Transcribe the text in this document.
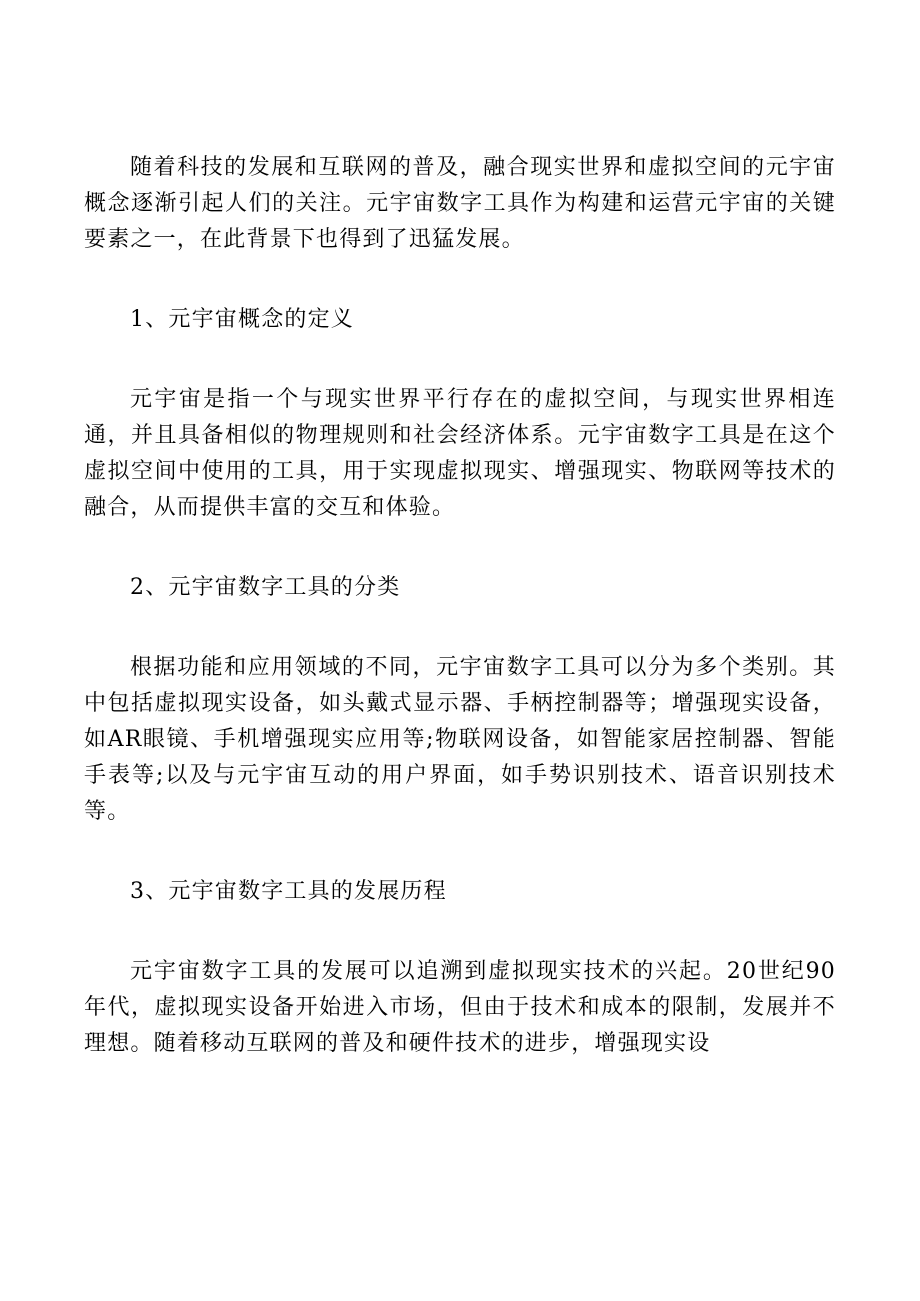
随着科技的发展和互联网的普及，融合现实世界和虚拟空间的元宇宙概念逐渐引起人们的关注。元宇宙数字工具作为构建和运营元宇宙的关键要素之一，在此背景下也得到了迅猛发展。

1、元宇宙概念的定义

元宇宙是指一个与现实世界平行存在的虚拟空间，与现实世界相连通，并且具备相似的物理规则和社会经济体系。元宇宙数字工具是在这个虚拟空间中使用的工具，用于实现虚拟现实、增强现实、物联网等技术的融合，从而提供丰富的交互和体验。

2、元宇宙数字工具的分类

根据功能和应用领域的不同，元宇宙数字工具可以分为多个类别。其中包括虚拟现实设备，如头戴式显示器、手柄控制器等；增强现实设备，如AR眼镜、手机增强现实应用等;物联网设备，如智能家居控制器、智能手表等;以及与元宇宙互动的用户界面，如手势识别技术、语音识别技术等。

3、元宇宙数字工具的发展历程

元宇宙数字工具的发展可以追溯到虚拟现实技术的兴起。20世纪90年代，虚拟现实设备开始进入市场，但由于技术和成本的限制，发展并不理想。随着移动互联网的普及和硬件技术的进步，增强现实设
